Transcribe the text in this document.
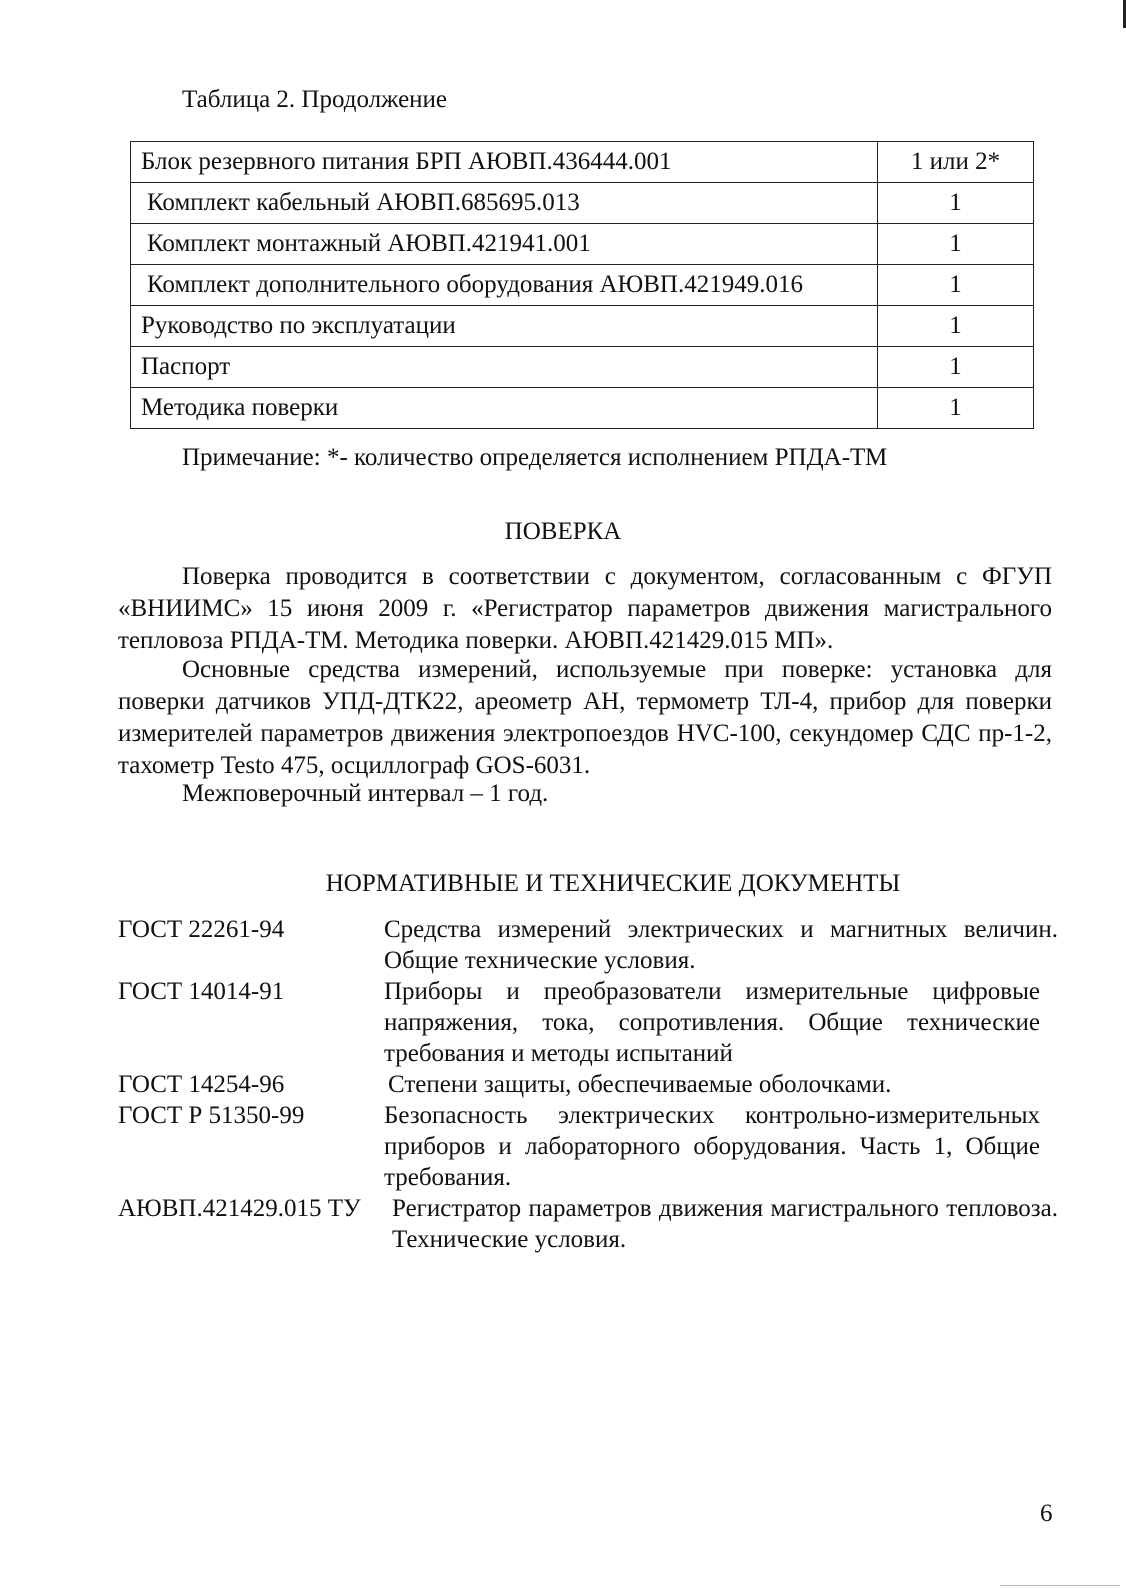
Таблица 2. Продолжение
Блок резервного питания БРП АЮВП.436444.001	1 или 2*
Комплект кабельный АЮВП.685695.013	1
Комплект монтажный АЮВП.421941.001	1
Комплект дополнительного оборудования АЮВП.421949.016	1
Руководство по эксплуатации	1
Паспорт	1
Методика поверки	1
Примечание: *- количество определяется исполнением РПДА-ТМ
ПОВЕРКА

Поверка проводится в соответствии с документом, согласованным с ФГУП «ВНИИМС» 15 июня 2009 г. «Регистратор параметров движения магистрального тепловоза РПДА-ТМ. Методика поверки. АЮВП.421429.015 МП».

Основные средства измерений, используемые при поверке: установка для поверки датчиков УПД-ДТК22, ареометр АН, термометр ТЛ-4, прибор для поверки измерителей параметров движения электропоездов HVC-100, секундомер СДС пр-1-2, тахометр Testo 475, осциллограф GOS-6031.

Межповерочный интервал – 1 год.

НОРМАТИВНЫЕ И ТЕХНИЧЕСКИЕ ДОКУМЕНТЫ
ГОСТ 22261-94	Средства измерений электрических и магнитных величин. Общие технические условия.
ГОСТ 14014-91	Приборы и преобразователи измерительные цифровые напряжения, тока, сопротивления. Общие технические требования и методы испытаний
ГОСТ 14254-96	Степени защиты, обеспечиваемые оболочками.
ГОСТ Р 51350-99	Безопасность электрических контрольно-измерительных приборов и лабораторного оборудования. Часть 1, Общие требования.
АЮВП.421429.015 ТУ	Регистратор параметров движения магистрального тепловоза. Технические условия.
6
